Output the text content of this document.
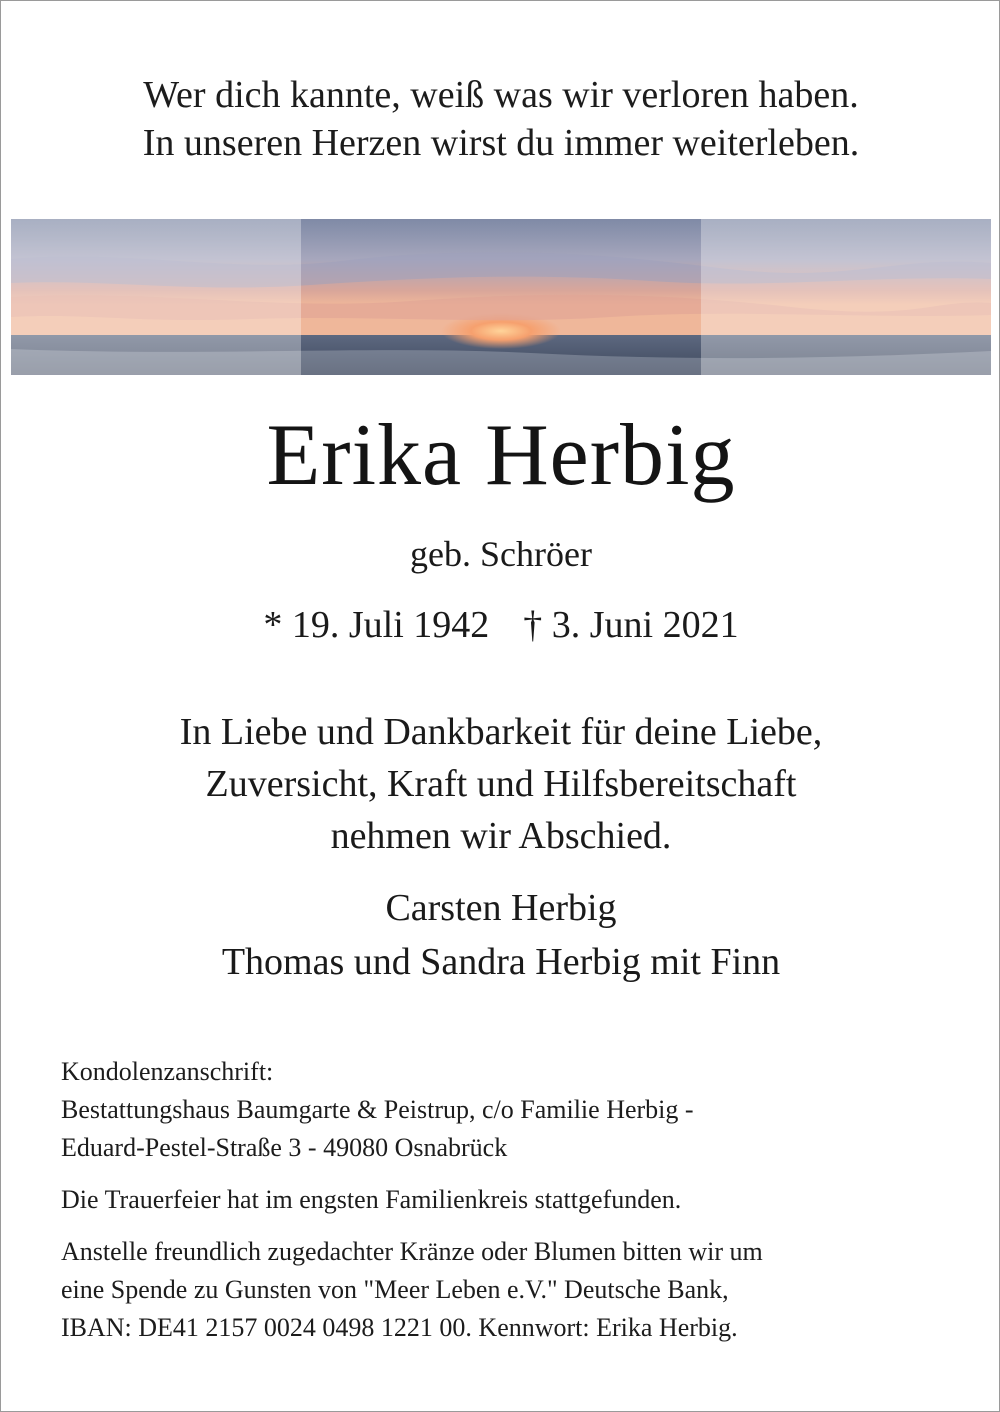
Wer dich kannte, weiß was wir verloren haben.
In unseren Herzen wirst du immer weiterleben.
Erika Herbig
geb. Schröer
* 19. Juli 1942 † 3. Juni 2021
In Liebe und Dankbarkeit für deine Liebe,
Zuversicht, Kraft und Hilfsbereitschaft
nehmen wir Abschied.
Carsten Herbig
Thomas und Sandra Herbig mit Finn

Kondolenzanschrift:

Bestattungshaus Baumgarte & Peistrup, c/o Familie Herbig -

Eduard-Pestel-Straße 3 - 49080 Osnabrück

Die Trauerfeier hat im engsten Familienkreis stattgefunden.

Anstelle freundlich zugedachter Kränze oder Blumen bitten wir um

eine Spende zu Gunsten von "Meer Leben e.V." Deutsche Bank,

IBAN: DE41 2157 0024 0498 1221 00. Kennwort: Erika Herbig.
